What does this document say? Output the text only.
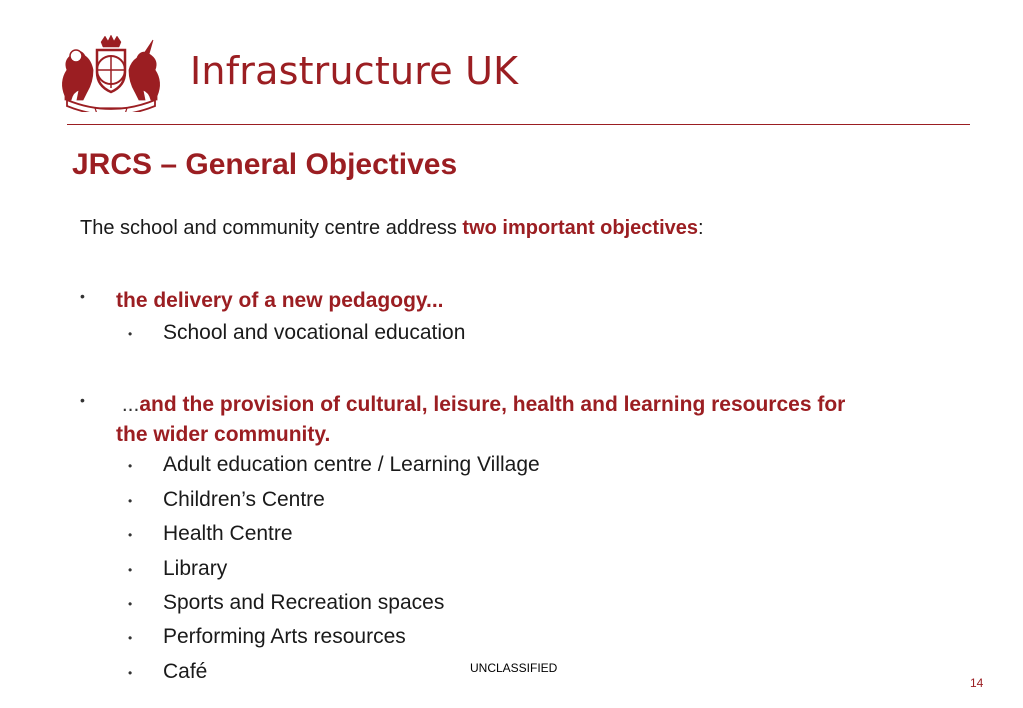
Infrastructure UK
JRCS – General Objectives
The school and community centre address two important objectives:
• the delivery of a new pedagogy...
• School and vocational education
• ...and the provision of cultural, leisure, health and learning resources for the wider community.
• Adult education centre / Learning Village
• Children’s Centre
• Health Centre
• Library
• Sports and Recreation spaces
• Performing Arts resources
• Café	UNCLASSIFIED
14
